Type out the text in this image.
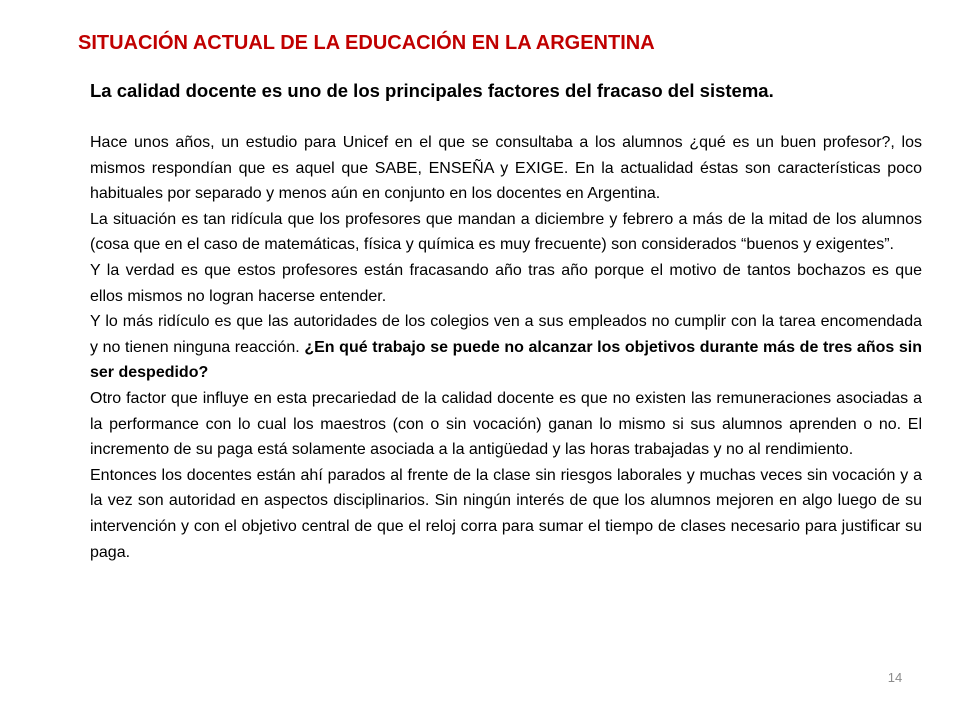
SITUACIÓN ACTUAL DE LA EDUCACIÓN EN LA ARGENTINA
La calidad docente es uno de los principales factores del fracaso del sistema.

Hace unos años, un estudio para Unicef en el que se consultaba a los alumnos ¿qué es un buen profesor?, los mismos respondían que es aquel que SABE, ENSEÑA y EXIGE. En la actualidad éstas son características poco habituales por separado y menos aún en conjunto en los docentes en Argentina.

La situación es tan ridícula que los profesores que mandan a diciembre y febrero a más de la mitad de los alumnos (cosa que en el caso de matemáticas, física y química es muy frecuente) son considerados “buenos y exigentes”.

Y la verdad es que estos profesores están fracasando año tras año porque el motivo de tantos bochazos es que ellos mismos no logran hacerse entender.

Y lo más ridículo es que las autoridades de los colegios ven a sus empleados no cumplir con la tarea encomendada y no tienen ninguna reacción. ¿En qué trabajo se puede no alcanzar los objetivos durante más de tres años sin ser despedido?

Otro factor que influye en esta precariedad de la calidad docente es que no existen las remuneraciones asociadas a la performance con lo cual los maestros (con o sin vocación) ganan lo mismo si sus alumnos aprenden o no. El incremento de su paga está solamente asociada a la antigüedad y las horas trabajadas y no al rendimiento.

Entonces los docentes están ahí parados al frente de la clase sin riesgos laborales y muchas veces sin vocación y a la vez son autoridad en aspectos disciplinarios. Sin ningún interés de que los alumnos mejoren en algo luego de su intervención y con el objetivo central de que el reloj corra para sumar el tiempo de clases necesario para justificar su paga.

14
